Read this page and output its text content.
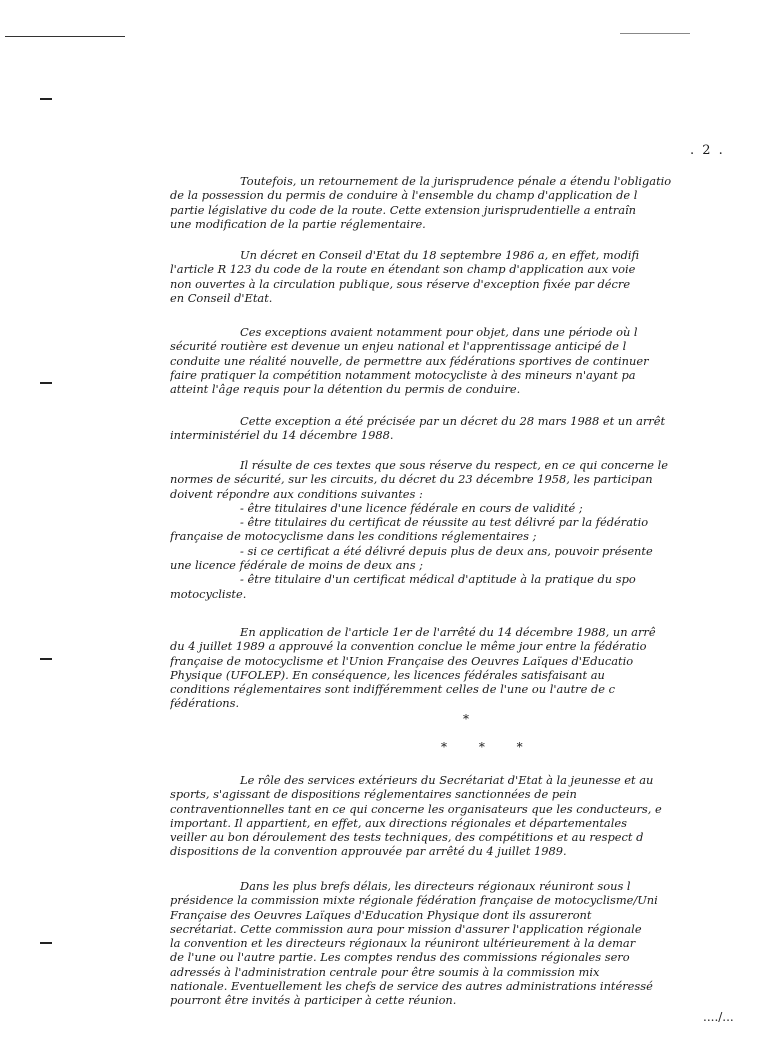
. 2 .
Toutefois, un retournement de la jurisprudence pénale a étendu l'obligatio
de la possession du permis de conduire à l'ensemble du champ d'application de l
partie législative du code de la route. Cette extension jurisprudentielle a entraîn
une modification de la partie réglementaire.
Un décret en Conseil d'Etat du 18 septembre 1986 a, en effet, modifi
l'article R 123 du code de la route en étendant son champ d'application aux voie
non ouvertes à la circulation publique, sous réserve d'exception fixée par décre
en Conseil d'Etat.
Ces exceptions avaient notamment pour objet, dans une période où l
sécurité routière est devenue un enjeu national et l'apprentissage anticipé de l
conduite une réalité nouvelle, de permettre aux fédérations sportives de continuer
faire pratiquer la compétition notamment motocycliste à des mineurs n'ayant pa
atteint l'âge requis pour la détention du permis de conduire.
Cette exception a été précisée par un décret du 28 mars 1988 et un arrêt
interministériel du 14 décembre 1988.
Il résulte de ces textes que sous réserve du respect, en ce qui concerne le
normes de sécurité, sur les circuits, du décret du 23 décembre 1958, les participan
doivent répondre aux conditions suivantes :
- être titulaires d'une licence fédérale en cours de validité ;
- être titulaires du certificat de réussite au test délivré par la fédératio
française de motocyclisme dans les conditions réglementaires ;
- si ce certificat a été délivré depuis plus de deux ans, pouvoir présente
une licence fédérale de moins de deux ans ;
- être titulaire d'un certificat médical d'aptitude à la pratique du spo
motocycliste.
En application de l'article 1er de l'arrêté du 14 décembre 1988, un arrê
du 4 juillet 1989 a approuvé la convention conclue le même jour entre la fédératio
française de motocyclisme et l'Union Française des Oeuvres Laïques d'Educatio
Physique (UFOLEP). En conséquence, les licences fédérales satisfaisant au
conditions réglementaires sont indifféremment celles de l'une ou l'autre de c
fédérations.
*
* * *
Le rôle des services extérieurs du Secrétariat d'Etat à la jeunesse et au
sports, s'agissant de dispositions réglementaires sanctionnées de pein
contraventionnelles tant en ce qui concerne les organisateurs que les conducteurs, e
important. Il appartient, en effet, aux directions régionales et départementales
veiller au bon déroulement des tests techniques, des compétitions et au respect d
dispositions de la convention approuvée par arrêté du 4 juillet 1989.
Dans les plus brefs délais, les directeurs régionaux réuniront sous l
présidence la commission mixte régionale fédération française de motocyclisme/Uni
Française des Oeuvres Laïques d'Education Physique dont ils assureront
secrétariat. Cette commission aura pour mission d'assurer l'application régionale
la convention et les directeurs régionaux la réuniront ultérieurement à la demar
de l'une ou l'autre partie. Les comptes rendus des commissions régionales sero
adressés à l'administration centrale pour être soumis à la commission mix
nationale. Eventuellement les chefs de service des autres administrations intéressé
pourront être invités à participer à cette réunion.
..../...
